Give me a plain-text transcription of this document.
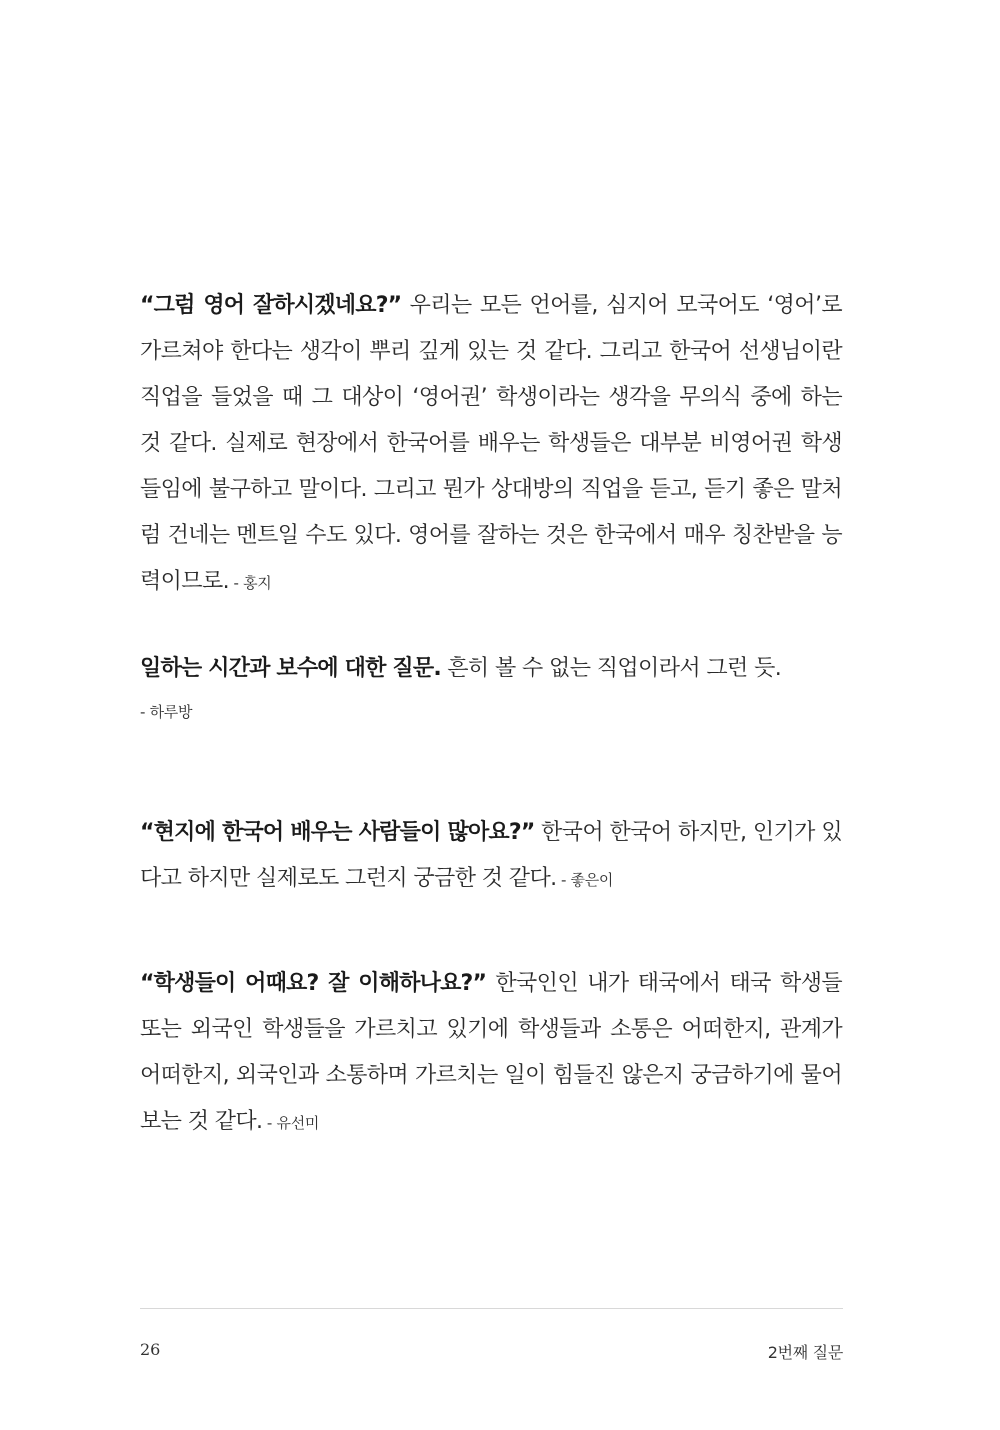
“그럼 영어 잘하시겠네요?” 우리는 모든 언어를, 심지어 모국어도 ‘영어’로 가르쳐야 한다는 생각이 뿌리 깊게 있는 것 같다. 그리고 한국어 선생님이란 직업을 들었을 때 그 대상이 ‘영어권’ 학생이라는 생각을 무의식 중에 하는 것 같다. 실제로 현장에서 한국어를 배우는 학생들은 대부분 비영어권 학생들임에 불구하고 말이다. 그리고 뭔가 상대방의 직업을 듣고, 듣기 좋은 말처럼 건네는 멘트일 수도 있다. 영어를 잘하는 것은 한국에서 매우 칭찬받을 능력이므로. - 홍지

일하는 시간과 보수에 대한 질문. 흔히 볼 수 없는 직업이라서 그런 듯.
- 하루방

“현지에 한국어 배우는 사람들이 많아요?” 한국어 한국어 하지만, 인기가 있다고 하지만 실제로도 그런지 궁금한 것 같다. - 좋은이

“학생들이 어때요? 잘 이해하나요?” 한국인인 내가 태국에서 태국 학생들 또는 외국인 학생들을 가르치고 있기에 학생들과 소통은 어떠한지, 관계가 어떠한지, 외국인과 소통하며 가르치는 일이 힘들진 않은지 궁금하기에 물어보는 것 같다. - 유선미

26	2번째 질문
